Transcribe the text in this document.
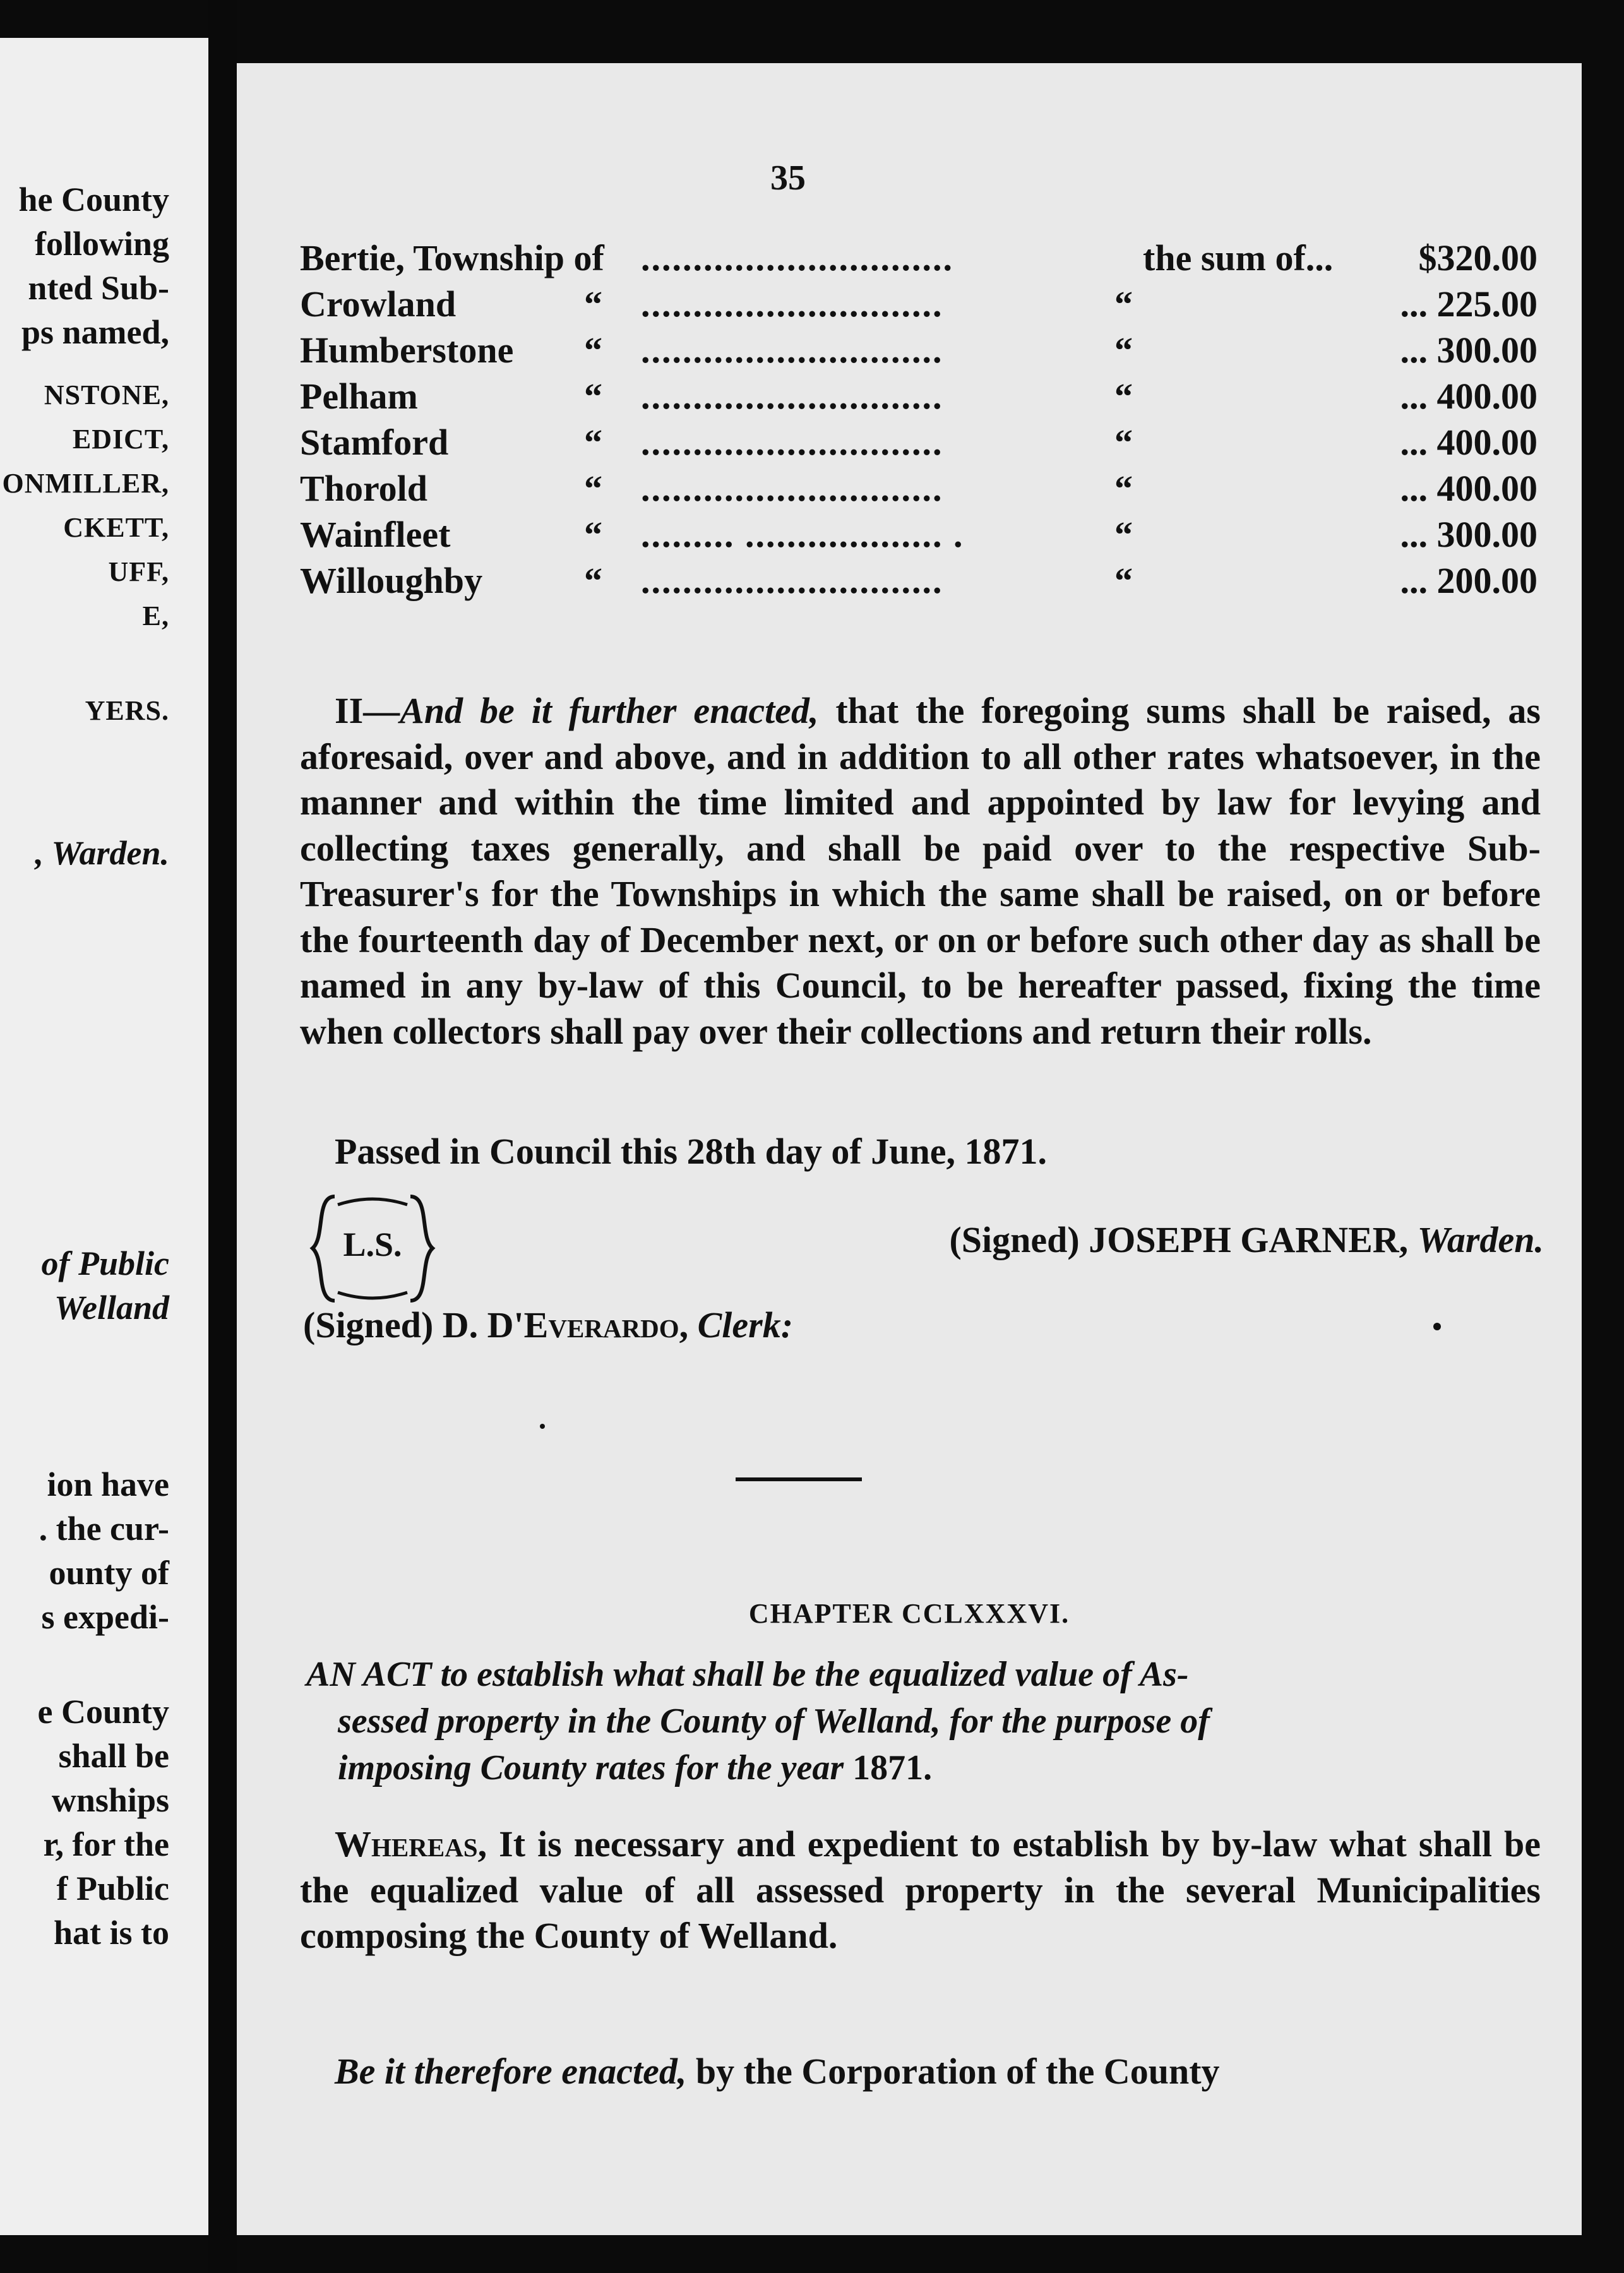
he County
following
nted Sub-
ps named,
NSTONE,
EDICT,
ONMILLER,
CKETT,
UFF,
E,
YERS.
, Warden.
of Public
Welland
ion have
. the cur-
ounty of
s expedi-
e County
shall be
wnships
r, for the
f Public
hat is to
35
Bertie, Township of ..............................	the sum of... $320.00
Crowland	“ .............................	“	... 225.00
Humberstone “ .............................	“	... 300.00
Pelham	“ .............................	“	... 400.00
Stamford	“ .............................	“	... 400.00
Thorold	“ .............................	“	... 400.00
Wainfleet	“ ......... ................... .	“	... 300.00
Willoughby	“ .............................	“	... 200.00

II—And be it further enacted, that the foregoing sums shall be raised, as aforesaid, over and above, and in addition to all other rates whatsoever, in the manner and within the time limited and appointed by law for levying and collecting taxes generally, and shall be paid over to the respective Sub-Treasurer's for the Townships in which the same shall be raised, on or before the fourteenth day of December next, or on or before such other day as shall be named in any by-law of this Council, to be hereafter passed, fixing the time when collectors shall pay over their collections and return their rolls.

Passed in Council this 28th day of June, 1871.
L.S.	(Signed) JOSEPH GARNER, Warden.
(Signed) D. D'Everardo, Clerk:
CHAPTER CCLXXXVI.
AN ACT to establish what shall be the equalized value of As-
sessed property in the County of Welland, for the purpose of
imposing County rates for the year 1871.

Whereas, It is necessary and expedient to establish by by-law what shall be the equalized value of all assessed property in the several Municipalities composing the County of Welland.

Be it therefore enacted, by the Corporation of the County
